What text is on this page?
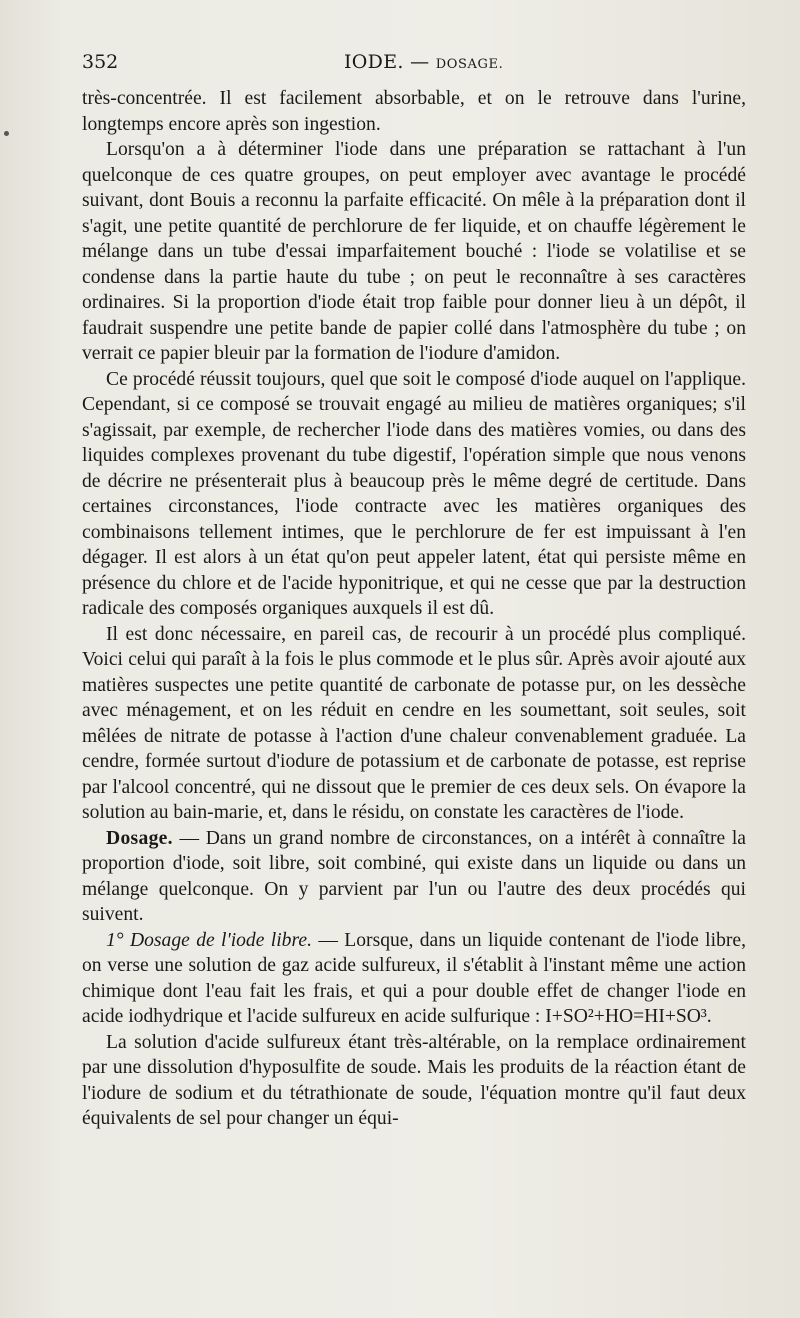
352	IODE. — DOSAGE.

très-concentrée. Il est facilement absorbable, et on le retrouve dans l'urine, longtemps encore après son ingestion.

Lorsqu'on a à déterminer l'iode dans une préparation se rattachant à l'un quelconque de ces quatre groupes, on peut employer avec avantage le procédé suivant, dont Bouis a reconnu la parfaite efficacité. On mêle à la préparation dont il s'agit, une petite quantité de perchlorure de fer liquide, et on chauffe légèrement le mélange dans un tube d'essai imparfaitement bouché : l'iode se volatilise et se condense dans la partie haute du tube ; on peut le reconnaître à ses caractères ordinaires. Si la proportion d'iode était trop faible pour donner lieu à un dépôt, il faudrait suspendre une petite bande de papier collé dans l'atmosphère du tube ; on verrait ce papier bleuir par la formation de l'iodure d'amidon.

Ce procédé réussit toujours, quel que soit le composé d'iode auquel on l'applique. Cependant, si ce composé se trouvait engagé au milieu de matières organiques; s'il s'agissait, par exemple, de rechercher l'iode dans des matières vomies, ou dans des liquides complexes provenant du tube digestif, l'opération simple que nous venons de décrire ne présenterait plus à beaucoup près le même degré de certitude. Dans certaines circonstances, l'iode contracte avec les matières organiques des combinaisons tellement intimes, que le perchlorure de fer est impuissant à l'en dégager. Il est alors à un état qu'on peut appeler latent, état qui persiste même en présence du chlore et de l'acide hyponitrique, et qui ne cesse que par la destruction radicale des composés organiques auxquels il est dû.

Il est donc nécessaire, en pareil cas, de recourir à un procédé plus compliqué. Voici celui qui paraît à la fois le plus commode et le plus sûr. Après avoir ajouté aux matières suspectes une petite quantité de carbonate de potasse pur, on les dessèche avec ménagement, et on les réduit en cendre en les soumettant, soit seules, soit mêlées de nitrate de potasse à l'action d'une chaleur convenablement graduée. La cendre, formée surtout d'iodure de potassium et de carbonate de potasse, est reprise par l'alcool concentré, qui ne dissout que le premier de ces deux sels. On évapore la solution au bain-marie, et, dans le résidu, on constate les caractères de l'iode.

Dosage. — Dans un grand nombre de circonstances, on a intérêt à connaître la proportion d'iode, soit libre, soit combiné, qui existe dans un liquide ou dans un mélange quelconque. On y parvient par l'un ou l'autre des deux procédés qui suivent.

1° Dosage de l'iode libre. — Lorsque, dans un liquide contenant de l'iode libre, on verse une solution de gaz acide sulfureux, il s'établit à l'instant même une action chimique dont l'eau fait les frais, et qui a pour double effet de changer l'iode en acide iodhydrique et l'acide sulfureux en acide sulfurique : I+SO²+HO=HI+SO³.

La solution d'acide sulfureux étant très-altérable, on la remplace ordinairement par une dissolution d'hyposulfite de soude. Mais les produits de la réaction étant de l'iodure de sodium et du tétrathionate de soude, l'équation montre qu'il faut deux équivalents de sel pour changer un équi-
